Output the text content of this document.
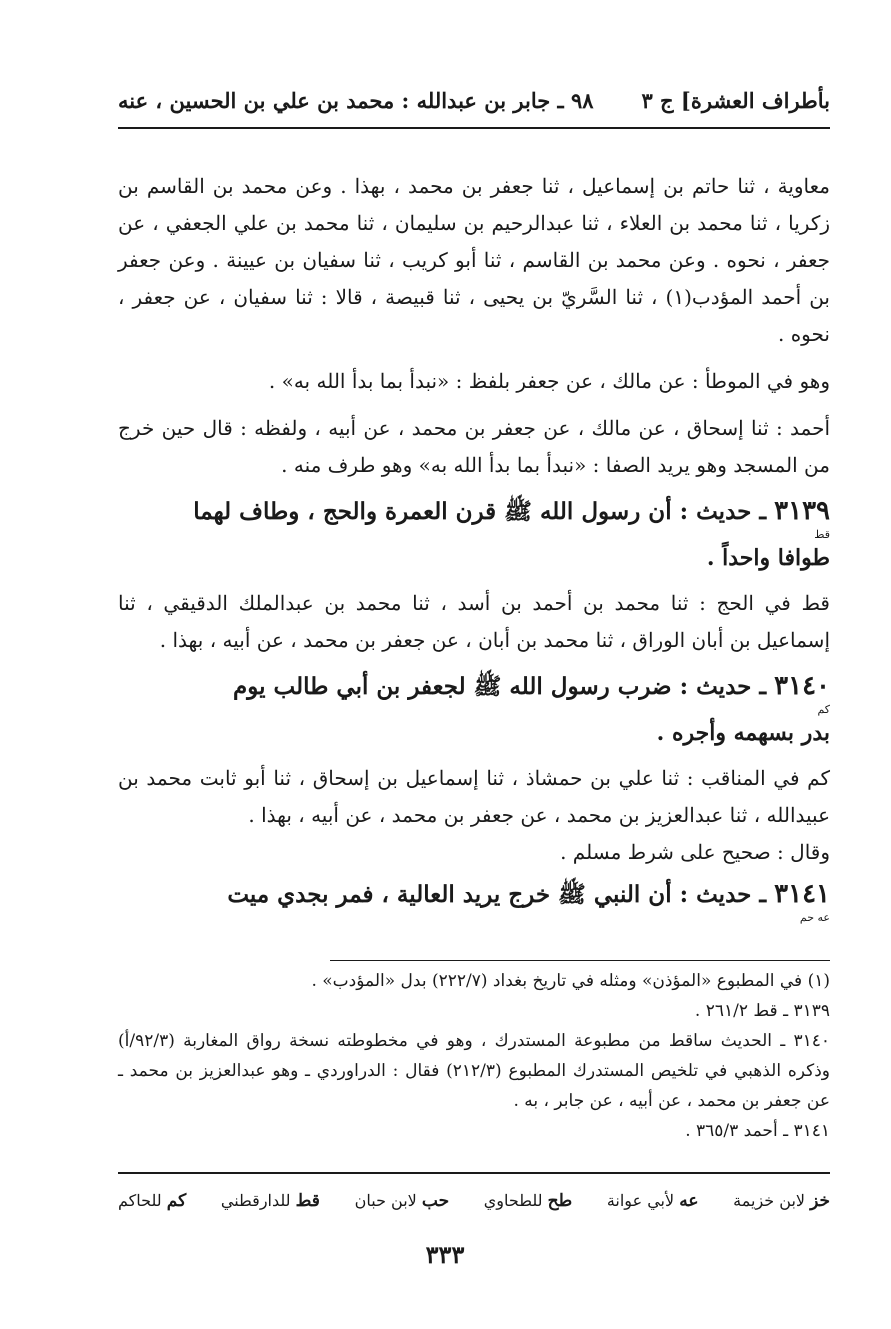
بأطراف العشرة] ج ٣
٩٨ ـ جابر بن عبدالله : محمد بن علي بن الحسين ، عنه

معاوية ، ثنا حاتم بن إسماعيل ، ثنا جعفر بن محمد ، بهذا . وعن محمد بن القاسم بن زكريا ، ثنا محمد بن العلاء ، ثنا عبدالرحيم بن سليمان ، ثنا محمد بن علي الجعفي ، عن جعفر ، نحوه . وعن محمد بن القاسم ، ثنا أبو كريب ، ثنا سفيان بن عيينة . وعن جعفر بن أحمد المؤدب(١) ، ثنا السَّريّ بن يحيى ، ثنا قبيصة ، قالا : ثنا سفيان ، عن جعفر ، نحوه .

وهو في الموطأ : عن مالك ، عن جعفر بلفظ : «نبدأ بما بدأ الله به» .

أحمد : ثنا إسحاق ، عن مالك ، عن جعفر بن محمد ، عن أبيه ، ولفظه : قال حين خرج من المسجد وهو يريد الصفا : «نبدأ بما بدأ الله به» وهو طرف منه .

٣١٣٩ ـ حديث : أن رسول الله ﷺ قرن العمرة والحج ، وطاف لهما
قط
طوافا واحداً .

قط في الحج : ثنا محمد بن أحمد بن أسد ، ثنا محمد بن عبدالملك الدقيقي ، ثنا إسماعيل بن أبان الوراق ، ثنا محمد بن أبان ، عن جعفر بن محمد ، عن أبيه ، بهذا .

٣١٤٠ ـ حديث : ضرب رسول الله ﷺ لجعفر بن أبي طالب يوم
كم
بدر بسهمه وأجره .

كم في المناقب : ثنا علي بن حمشاذ ، ثنا إسماعيل بن إسحاق ، ثنا أبو ثابت محمد بن عبيدالله ، ثنا عبدالعزيز بن محمد ، عن جعفر بن محمد ، عن أبيه ، بهذا .

وقال : صحيح على شرط مسلم .

٣١٤١ ـ حديث : أن النبي ﷺ خرج يريد العالية ، فمر بجدي ميت
عه حم

(١) في المطبوع «المؤذن» ومثله في تاريخ بغداد (٢٢٢/٧) بدل «المؤدب» .

٣١٣٩ ـ قط ٢٦١/٢ .

٣١٤٠ ـ الحديث ساقط من مطبوعة المستدرك ، وهو في مخطوطته نسخة رواق المغاربة (٩٢/٣/أ) وذكره الذهبي في تلخيص المستدرك المطبوع (٢١٢/٣) فقال : الدراوردي ـ وهو عبدالعزيز بن محمد ـ عن جعفر بن محمد ، عن أبيه ، عن جابر ، به .

٣١٤١ ـ أحمد ٣٦٥/٣ .

خز لابن خزيمة
عه لأبي عوانة
طح للطحاوي
حب لابن حبان
قط للدارقطني
كم للحاكم
٣٣٣
